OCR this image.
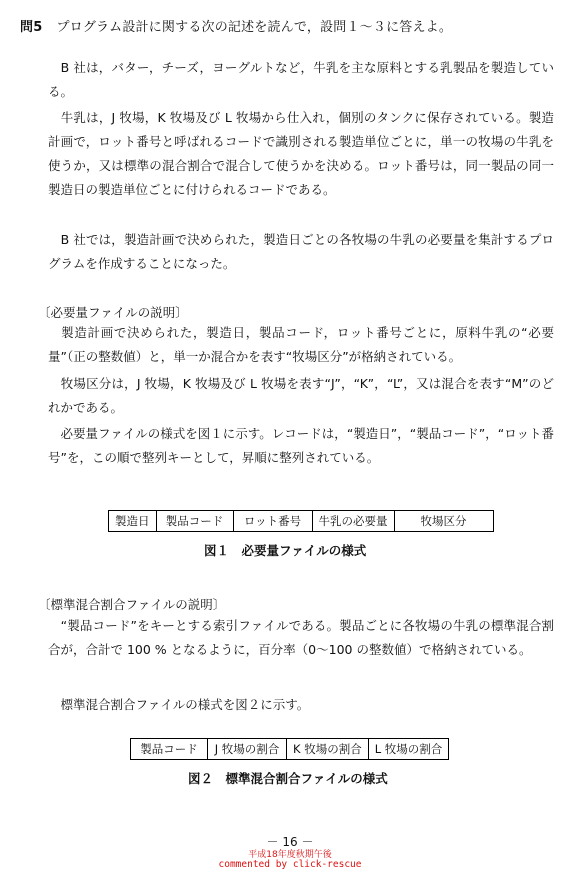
問5 プログラム設計に関する次の記述を読んで，設問１～３に答えよ。

　B 社は，バター，チーズ，ヨーグルトなど，牛乳を主な原料とする乳製品を製造している。

　牛乳は，J 牧場，K 牧場及び L 牧場から仕入れ，個別のタンクに保存されている。製造計画で，ロット番号と呼ばれるコードで識別される製造単位ごとに，単一の牧場の牛乳を使うか，又は標準の混合割合で混合して使うかを決める。ロット番号は，同一製品の同一製造日の製造単位ごとに付けられるコードである。

　B 社では，製造計画で決められた，製造日ごとの各牧場の牛乳の必要量を集計するプログラムを作成することになった。

〔必要量ファイルの説明〕

　製造計画で決められた，製造日，製品コード，ロット番号ごとに，原料牛乳の“必要量”（正の整数値）と，単一か混合かを表す“牧場区分”が格納されている。

　牧場区分は，J 牧場，K 牧場及び L 牧場を表す“J”，“K”，“L”，又は混合を表す“M”のどれかである。

　必要量ファイルの様式を図１に示す。レコードは，“製造日”，“製品コード”，“ロット番号”を，この順で整列キーとして，昇順に整列されている。

製造日	製品コード	ロット番号	牛乳の必要量	牧場区分
図１　必要量ファイルの様式
〔標準混合割合ファイルの説明〕

　“製品コード”をキーとする索引ファイルである。製品ごとに各牧場の牛乳の標準混合割合が，合計で 100 % となるように，百分率（0～100 の整数値）で格納されている。

　標準混合割合ファイルの様式を図２に示す。

製品コード	J 牧場の割合	K 牧場の割合	L 牧場の割合
図２　標準混合割合ファイルの様式
－ 16 －
平成18年度秋期午後
commented by click-rescue
